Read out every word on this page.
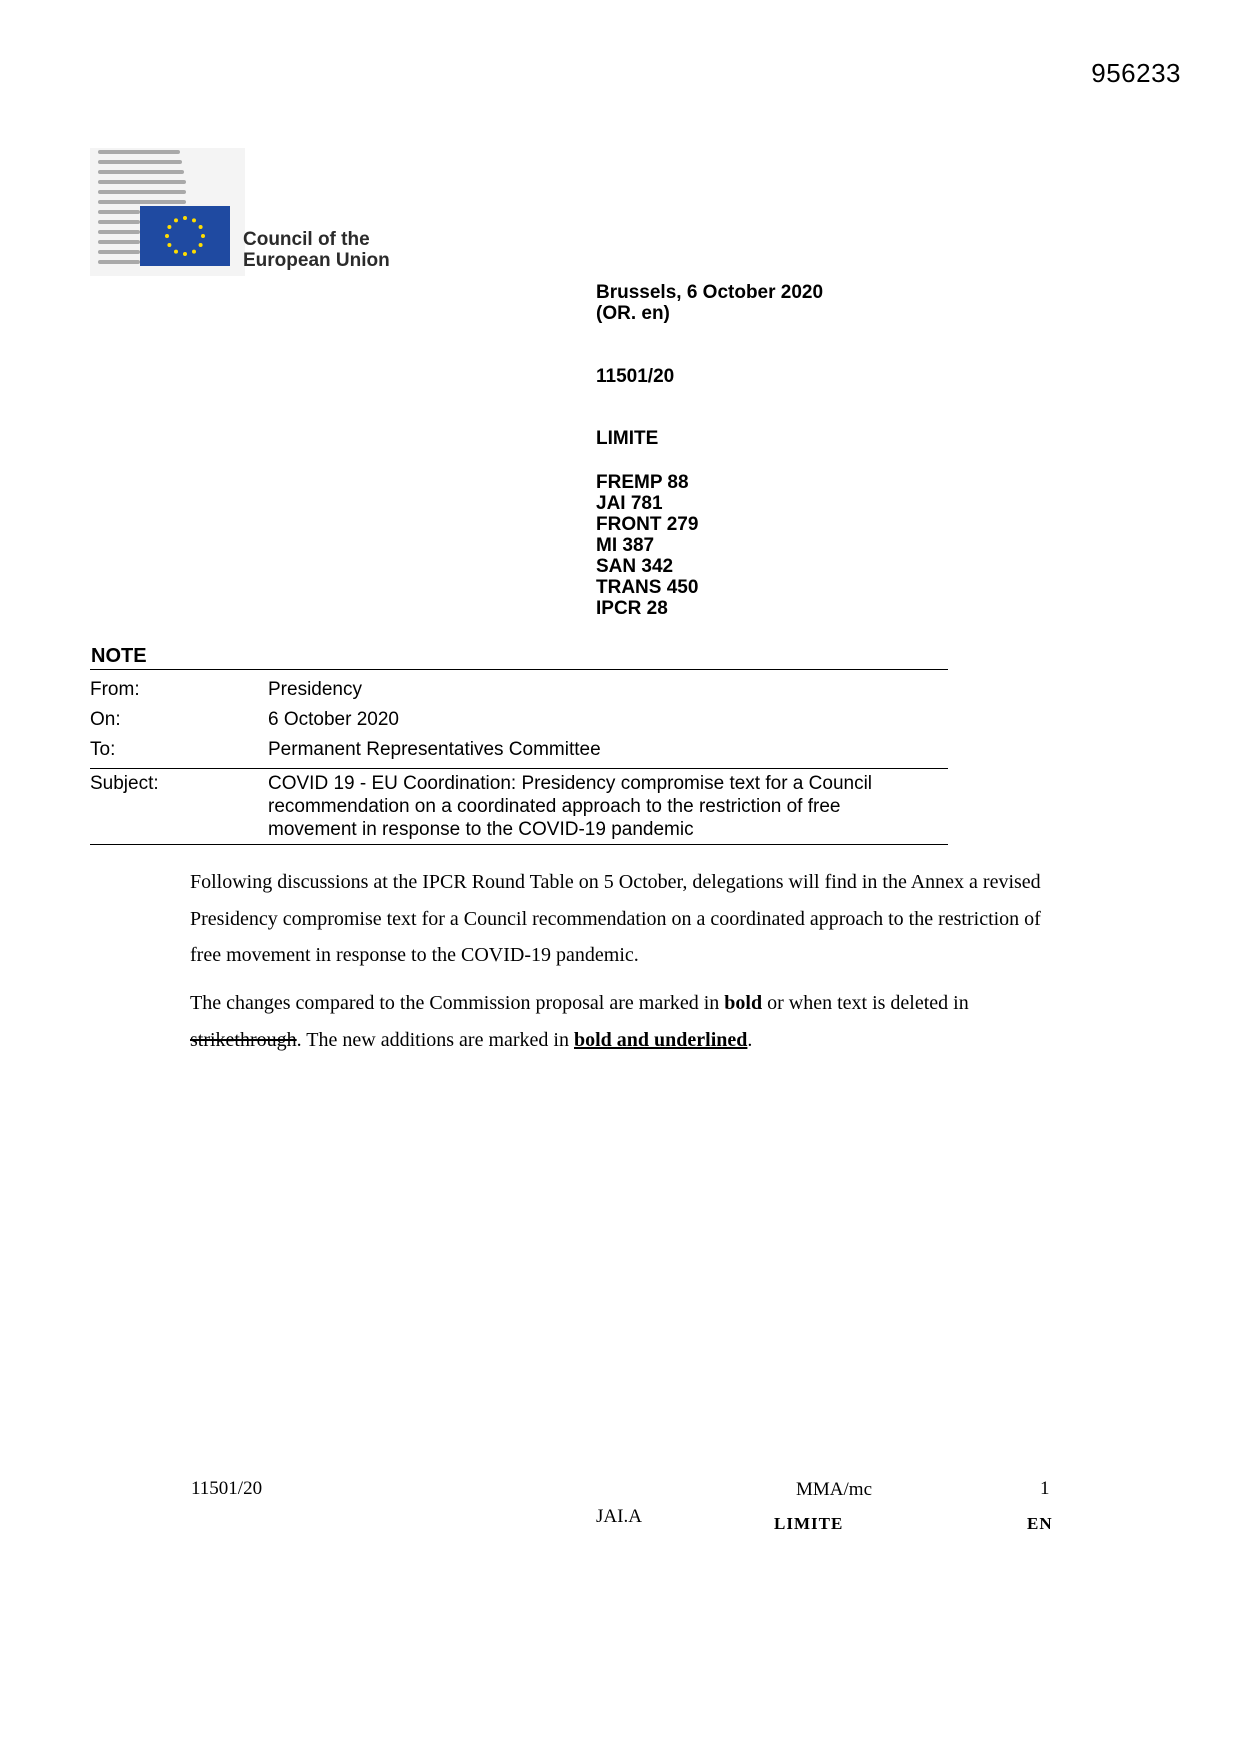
956233
Council of the
European Union
Brussels, 6 October 2020
(OR. en)
11501/20
LIMITE
FREMP 88
JAI 781
FRONT 279
MI 387
SAN 342
TRANS 450
IPCR 28
NOTE
From:	Presidency
On:	6 October 2020
To:	Permanent Representatives Committee
Subject:	COVID 19 - EU Coordination: Presidency compromise text for a Council recommendation on a coordinated approach to the restriction of free movement in response to the COVID-19 pandemic

Following discussions at the IPCR Round Table on 5 October, delegations will find in the Annex a revised Presidency compromise text for a Council recommendation on a coordinated approach to the restriction of free movement in response to the COVID-19 pandemic.

The changes compared to the Commission proposal are marked in bold or when text is deleted in strikethrough. The new additions are marked in bold and underlined.

11501/20	MMA/mc	1
JAI.A	LIMITE	EN
